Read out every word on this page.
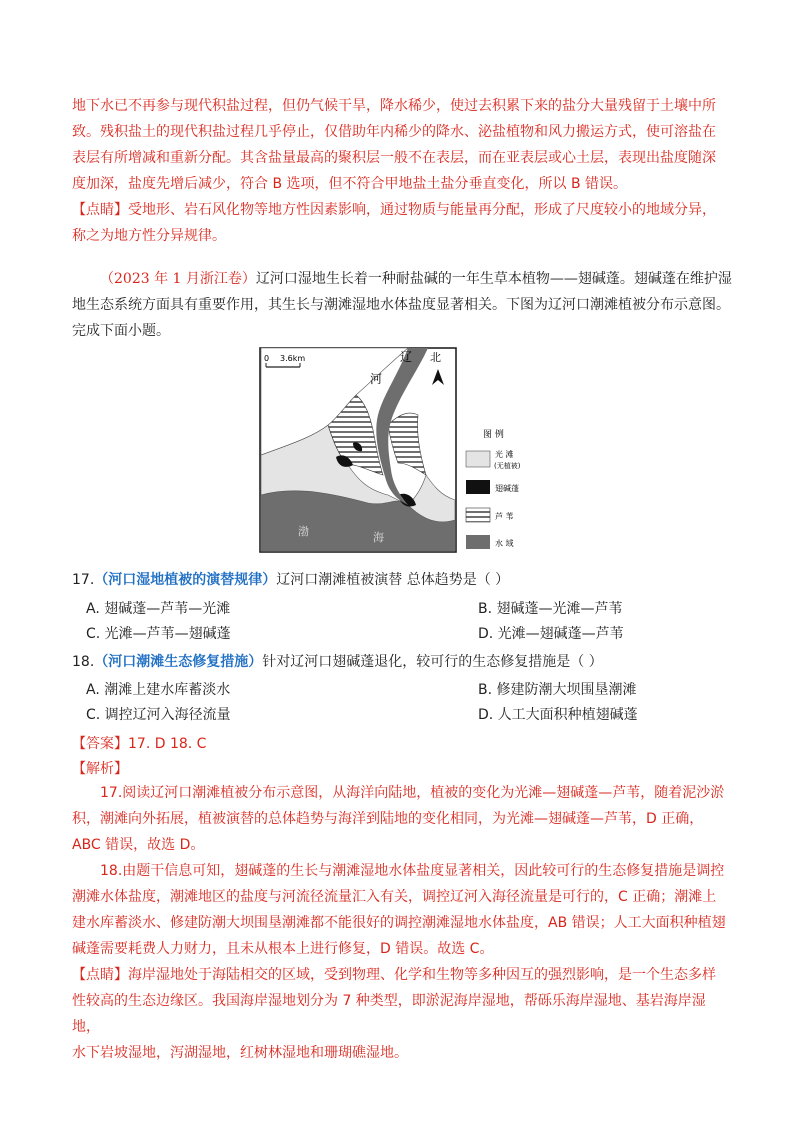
地下水已不再参与现代积盐过程，但仍气候干旱，降水稀少，使过去积累下来的盐分大量残留于土壤中所
致。残积盐土的现代积盐过程几乎停止，仅借助年内稀少的降水、泌盐植物和风力搬运方式，使可溶盐在
表层有所增减和重新分配。其含盐量最高的聚积层一般不在表层，而在亚表层或心土层，表现出盐度随深
度加深，盐度先增后减少，符合 B 选项，但不符合甲地盐土盐分垂直变化，所以 B 错误。
【点睛】受地形、岩石风化物等地方性因素影响，通过物质与能量再分配，形成了尺度较小的地域分异，
称之为地方性分异规律。
（2023 年 1 月浙江卷）辽河口湿地生长着一种耐盐碱的一年生草本植物——翅碱蓬。翅碱蓬在维护湿
地生态系统方面具有重要作用，其生长与潮滩湿地水体盐度显著相关。下图为辽河口潮滩植被分布示意图。
完成下面小题。
0 3.6km	北
辽
河
渤	海
图 例
光 滩
(无植被)
翅碱蓬
芦 苇
水 域
17.（河口湿地植被的演替规律）辽河口潮滩植被演替 总体趋势是（ ）
A. 翅碱蓬—芦苇—光滩	B. 翅碱蓬—光滩—芦苇
C. 光滩—芦苇—翅碱蓬	D. 光滩—翅碱蓬—芦苇
18.（河口潮滩生态修复措施）针对辽河口翅碱蓬退化，较可行的生态修复措施是（ ）
A. 潮滩上建水库蓄淡水	B. 修建防潮大坝围垦潮滩
C. 调控辽河入海径流量	D. 人工大面积种植翅碱蓬
【答案】17. D 18. C
【解析】
17.阅读辽河口潮滩植被分布示意图，从海洋向陆地，植被的变化为光滩—翅碱蓬—芦苇，随着泥沙淤
积，潮滩向外拓展，植被演替的总体趋势与海洋到陆地的变化相同，为光滩—翅碱蓬—芦苇，D 正确，
ABC 错误，故选 D。
18.由题干信息可知，翅碱蓬的生长与潮滩湿地水体盐度显著相关，因此较可行的生态修复措施是调控
潮滩水体盐度，潮滩地区的盐度与河流径流量汇入有关，调控辽河入海径流量是可行的，C 正确；潮滩上
建水库蓄淡水、修建防潮大坝围垦潮滩都不能很好的调控潮滩湿地水体盐度，AB 错误；人工大面积种植翅
碱蓬需要耗费人力财力，且未从根本上进行修复，D 错误。故选 C。
【点睛】海岸湿地处于海陆相交的区域，受到物理、化学和生物等多种因互的强烈影响，是一个生态多样
性较高的生态边缘区。我国海岸湿地划分为 7 种类型，即淤泥海岸湿地，帮砾乐海岸湿地、基岩海岸湿地，
水下岩坡湿地，泻湖湿地，红树林湿地和珊瑚礁湿地。
